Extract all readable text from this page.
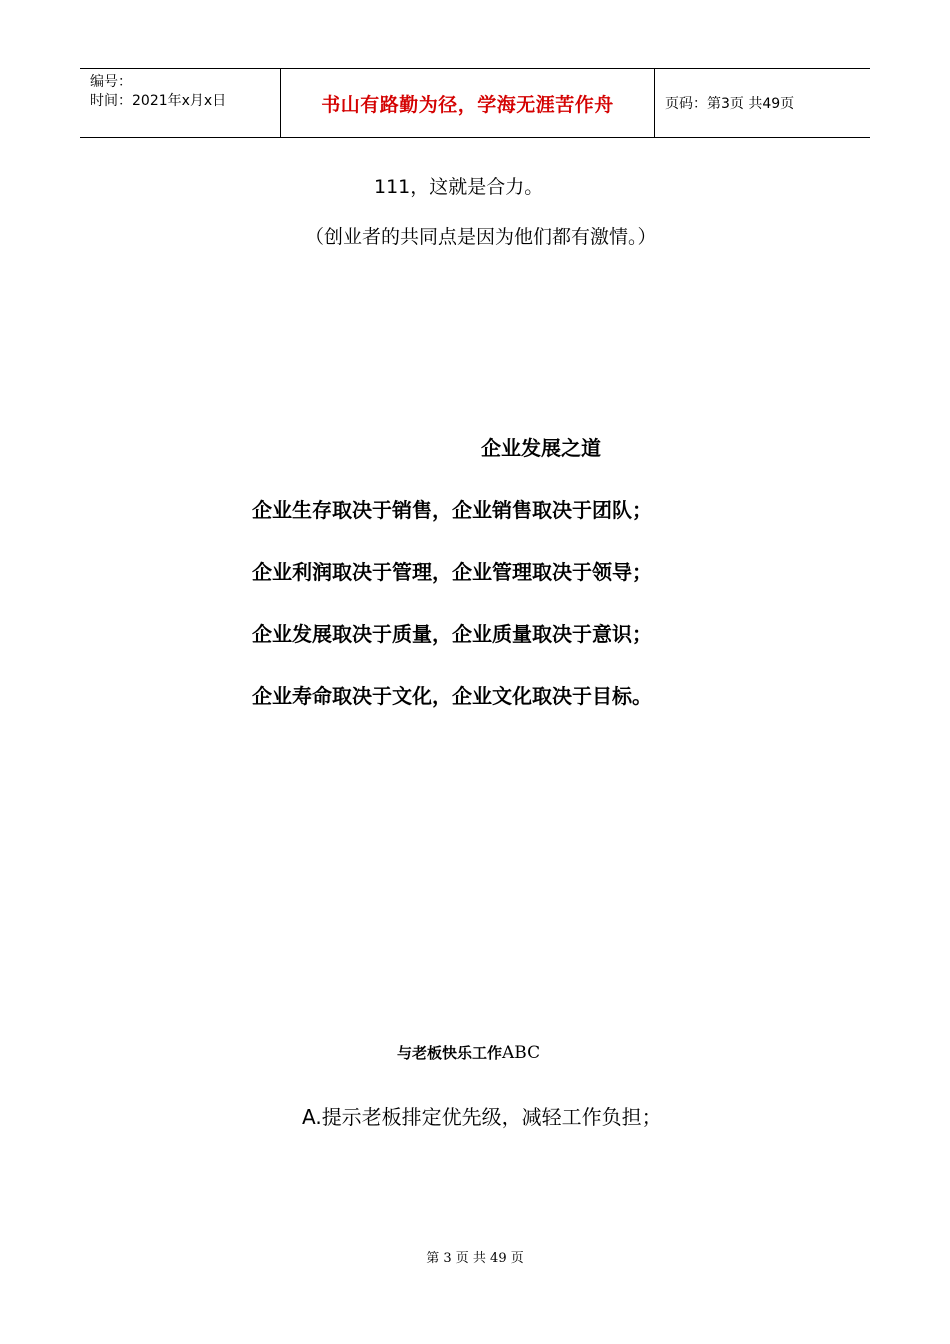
编号：
时间：2021年x月x日	书山有路勤为径，学海无涯苦作舟	页码：第3页 共49页
111，这就是合力。
（创业者的共同点是因为他们都有激情。）
企业发展之道
企业生存取决于销售，企业销售取决于团队；
企业利润取决于管理，企业管理取决于领导；
企业发展取决于质量，企业质量取决于意识；
企业寿命取决于文化，企业文化取决于目标。
与老板快乐工作ABC
A.提示老板排定优先级，减轻工作负担；
第 3 页 共 49 页
